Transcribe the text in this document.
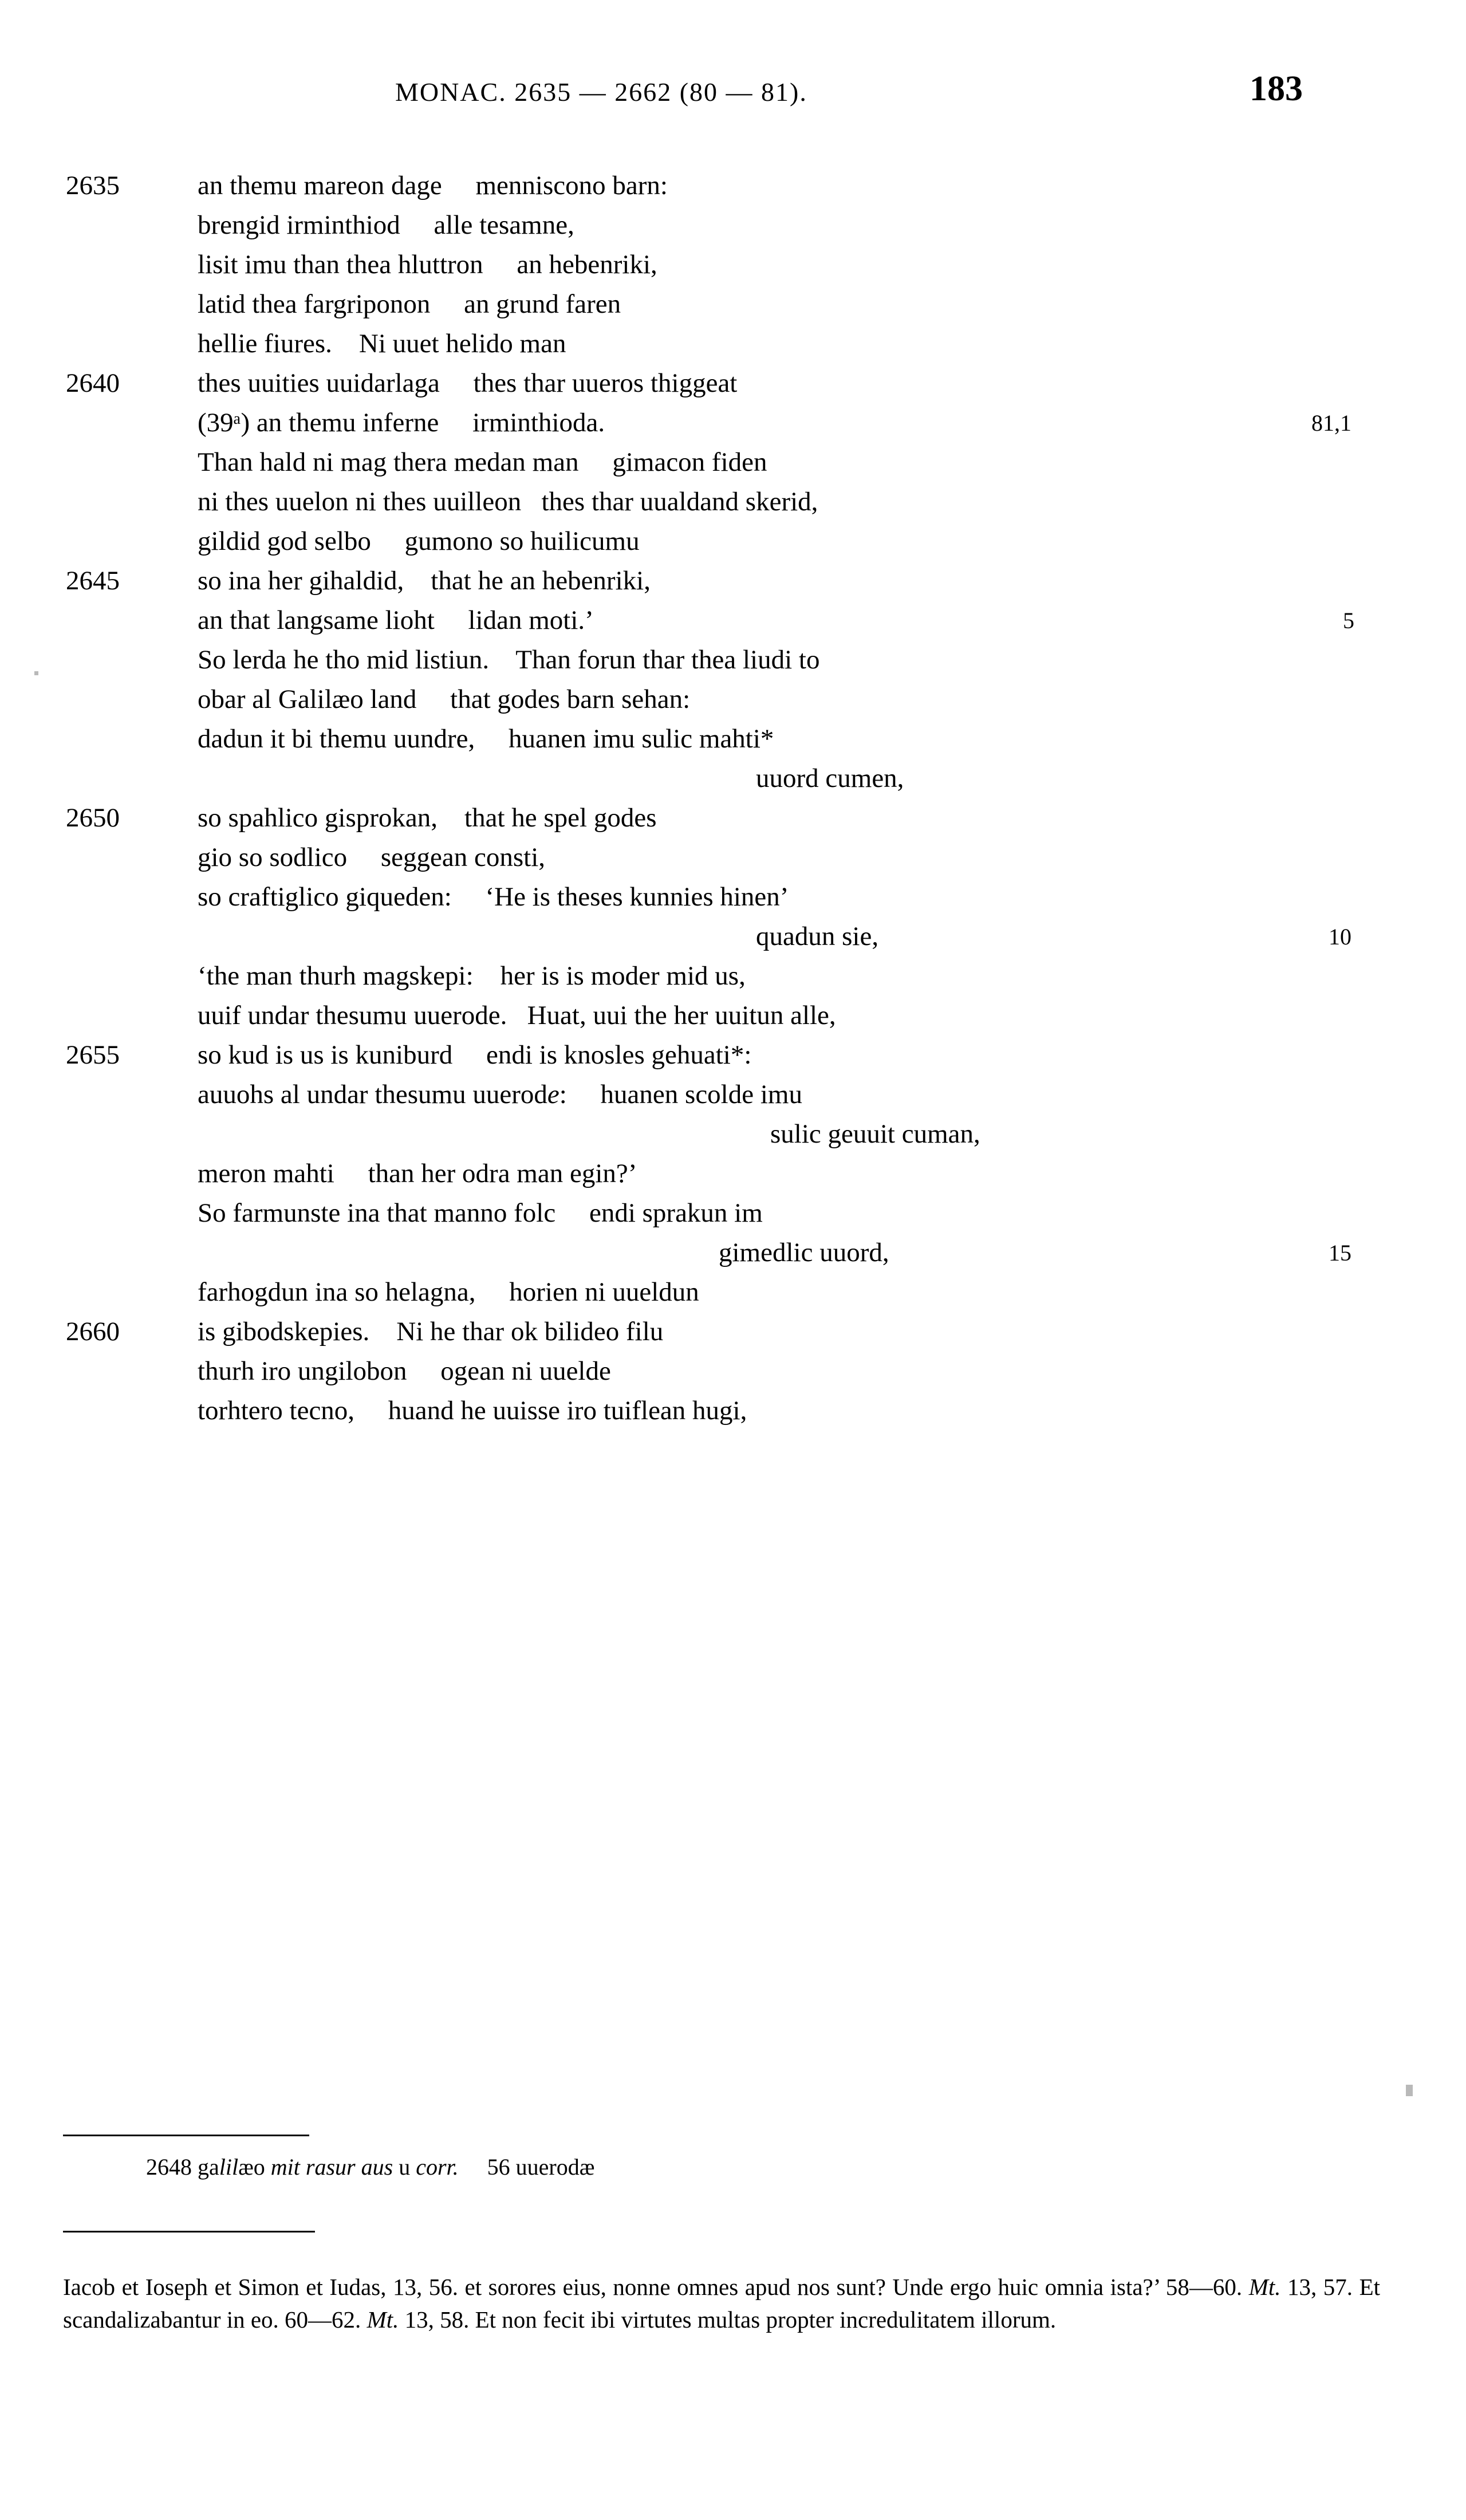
MONAC. 2635 — 2662 (80 — 81).	183
2635	an themu mareon dage     menniscono barn:
brengid irminthiod     alle tesamne,
lisit imu than thea hluttron     an hebenriki,
latid thea fargriponon     an grund faren
hellie fiures.    Ni uuet helido man
2640	thes uuities uuidarlaga     thes thar uueros thiggeat
(39ᵃ) an themu inferne     irminthioda.	81,1
Than hald ni mag thera medan man     gimacon fiden
ni thes uuelon ni thes uuilleon   thes thar uualdand skerid,
gildid god selbo     gumono so huilicumu
2645	so ina her gihaldid,    that he an hebenriki,
an that langsame lioht     lidan moti.’	5
So lerda he tho mid listiun.    Than forun thar thea liudi to
obar al Galilæo land     that godes barn sehan:
dadun it bi themu uundre,     huanen imu sulic mahti*
uuord cumen,
2650	so spahlico gisprokan,    that he spel godes
gio so sodlico     seggean consti,
so craftiglico giqueden:     ‘He is theses kunnies hinen’
quadun sie,	10
‘the man thurh magskepi:    her is is moder mid us,
uuif undar thesumu uuerode.   Huat, uui the her uuitun alle,
2655	so kud is us is kuniburd     endi is knosles gehuati*:
auuohs al undar thesumu uuerode:     huanen scolde imu
sulic geuuit cuman,
meron mahti     than her odra man egin?’
So farmunste ina that manno folc     endi sprakun im
gimedlic uuord,	15
farhogdun ina so helagna,     horien ni uueldun
2660	is gibodskepies.    Ni he thar ok bilideo filu
thurh iro ungilobon     ogean ni uuelde
torhtero tecno,     huand he uuisse iro tuiflean hugi,
2648 galilæo mit rasur aus u corr.     56 uuerodæ
Iacob et Ioseph et Simon et Iudas, 13, 56. et sorores eius, nonne omnes apud nos sunt? Unde ergo huic omnia ista?’ 58—60. Mt. 13, 57. Et scandalizabantur in eo. 60—62. Mt. 13, 58. Et non fecit ibi virtutes multas propter incredulitatem illorum.
